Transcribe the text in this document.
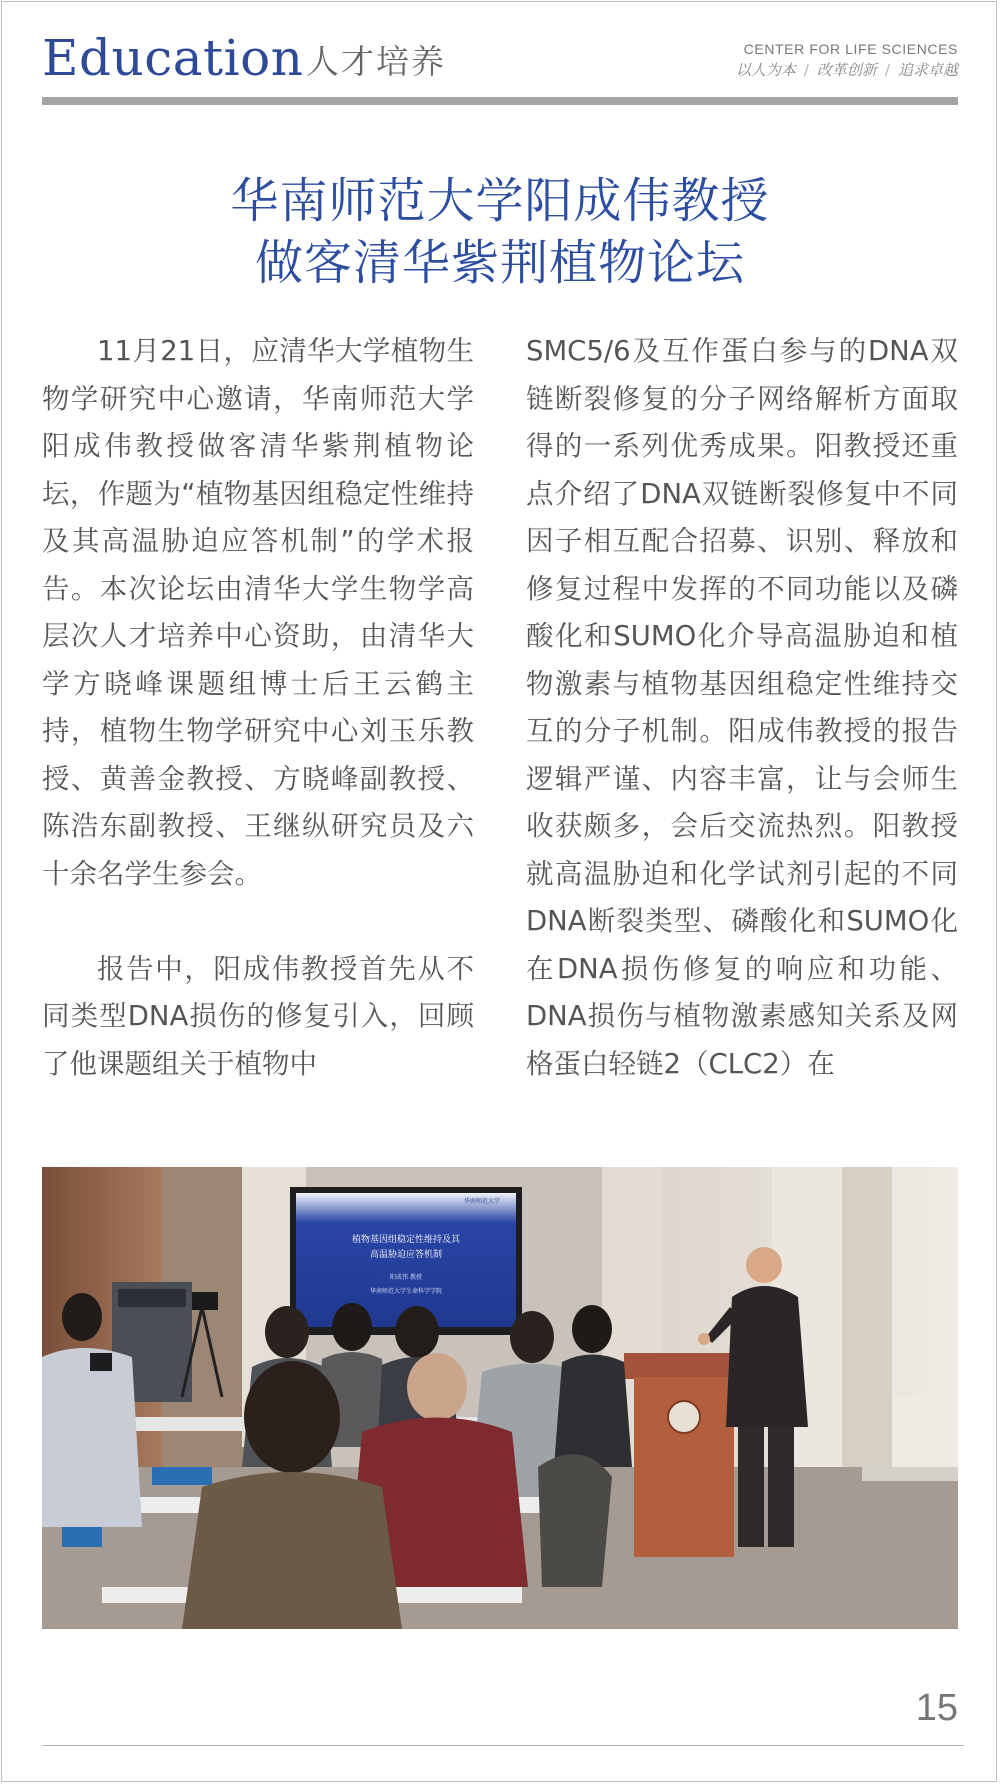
Education 人才培养	CENTER FOR LIFE SCIENCES
以人为本 / 改革创新 / 追求卓越
华南师范大学阳成伟教授
做客清华紫荆植物论坛

11月21日，应清华大学植物生物学研究中心邀请，华南师范大学阳成伟教授做客清华紫荆植物论坛，作题为“植物基因组稳定性维持及其高温胁迫应答机制”的学术报告。本次论坛由清华大学生物学高层次人才培养中心资助，由清华大学方晓峰课题组博士后王云鹤主持，植物生物学研究中心刘玉乐教授、黄善金教授、方晓峰副教授、陈浩东副教授、王继纵研究员及六十余名学生参会。

报告中，阳成伟教授首先从不同类型DNA损伤的修复引入，回顾了他课题组关于植物中

SMC5/6及互作蛋白参与的DNA双链断裂修复的分子网络解析方面取得的一系列优秀成果。阳教授还重点介绍了DNA双链断裂修复中不同因子相互配合招募、识别、释放和修复过程中发挥的不同功能以及磷酸化和SUMO化介导高温胁迫和植物激素与植物基因组稳定性维持交互的分子机制。阳成伟教授的报告逻辑严谨、内容丰富，让与会师生收获颇多，会后交流热烈。阳教授就高温胁迫和化学试剂引起的不同DNA断裂类型、磷酸化和SUMO化在DNA损伤修复的响应和功能、DNA损伤与植物激素感知关系及网格蛋白轻链2（CLC2）在

植物基因组稳定性维持及其
高温胁迫应答机制
阳成伟 教授
华南师范大学生命科学学院
华南师范大学
15
